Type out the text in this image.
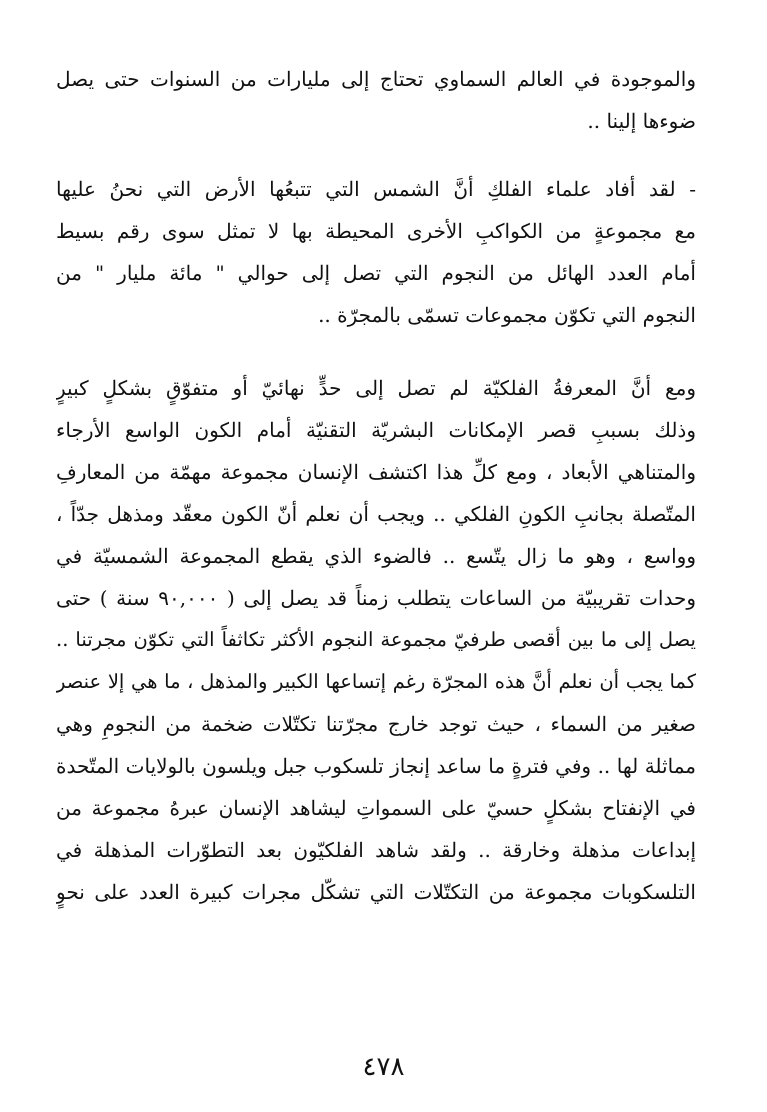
والموجودة في العالم السماوي تحتاج إلى مليارات من السنوات حتى يصل
ضوءها إلينا ..
- لقد أفاد علماء الفلكِ أنَّ الشمس التي تتبعُها الأرض التي نحنُ عليها
مع مجموعةٍ من الكواكبِ الأخرى المحيطة بها لا تمثل سوى رقم بسيط
أمام العدد الهائل من النجوم التي تصل إلى حوالي " مائة مليار " من
النجوم التي تكوّن مجموعات تسمّى بالمجرّة ..
ومع أنَّ المعرفةُ الفلكيّة لم تصل إلى حدٍّ نهائيّ أو متفوّقٍ بشكلٍ كبيرٍ
وذلك بسببِ قصر الإمكانات البشريّة التقنيّة أمام الكون الواسع الأرجاء
والمتناهي الأبعاد ، ومع كلِّ هذا اكتشف الإنسان مجموعة مهمّة من المعارفِ
المتّصلة بجانبِ الكونِ الفلكي .. ويجب أن نعلم أنّ الكون معقّد ومذهل جدّاً ،
وواسع ، وهو ما زال يتّسع .. فالضوء الذي يقطع المجموعة الشمسيّة في
وحدات تقريبيّة من الساعات يتطلب زمناً قد يصل إلى ( ٩٠,٠٠٠ سنة ) حتى
يصل إلى ما بين أقصى طرفيّ مجموعة النجوم الأكثر تكاثفاً التي تكوّن مجرتنا ..
كما يجب أن نعلم أنَّ هذه المجرّة رغم إتساعها الكبير والمذهل ، ما هي إلا عنصر
صغير من السماء ، حيث توجد خارج مجرّتنا تكتّلات ضخمة من النجومِ وهي
مماثلة لها .. وفي فترةٍ ما ساعد إنجاز تلسكوب جبل ويلسون بالولايات المتّحدة
في الإنفتاح بشكلٍ حسيّ على السمواتِ ليشاهد الإنسان عبرهُ مجموعة من
إبداعات مذهلة وخارقة .. ولقد شاهد الفلكيّون بعد التطوّرات المذهلة في
التلسكوبات مجموعة من التكتّلات التي تشكّل مجرات كبيرة العدد على نحوٍ
٤٧٨
